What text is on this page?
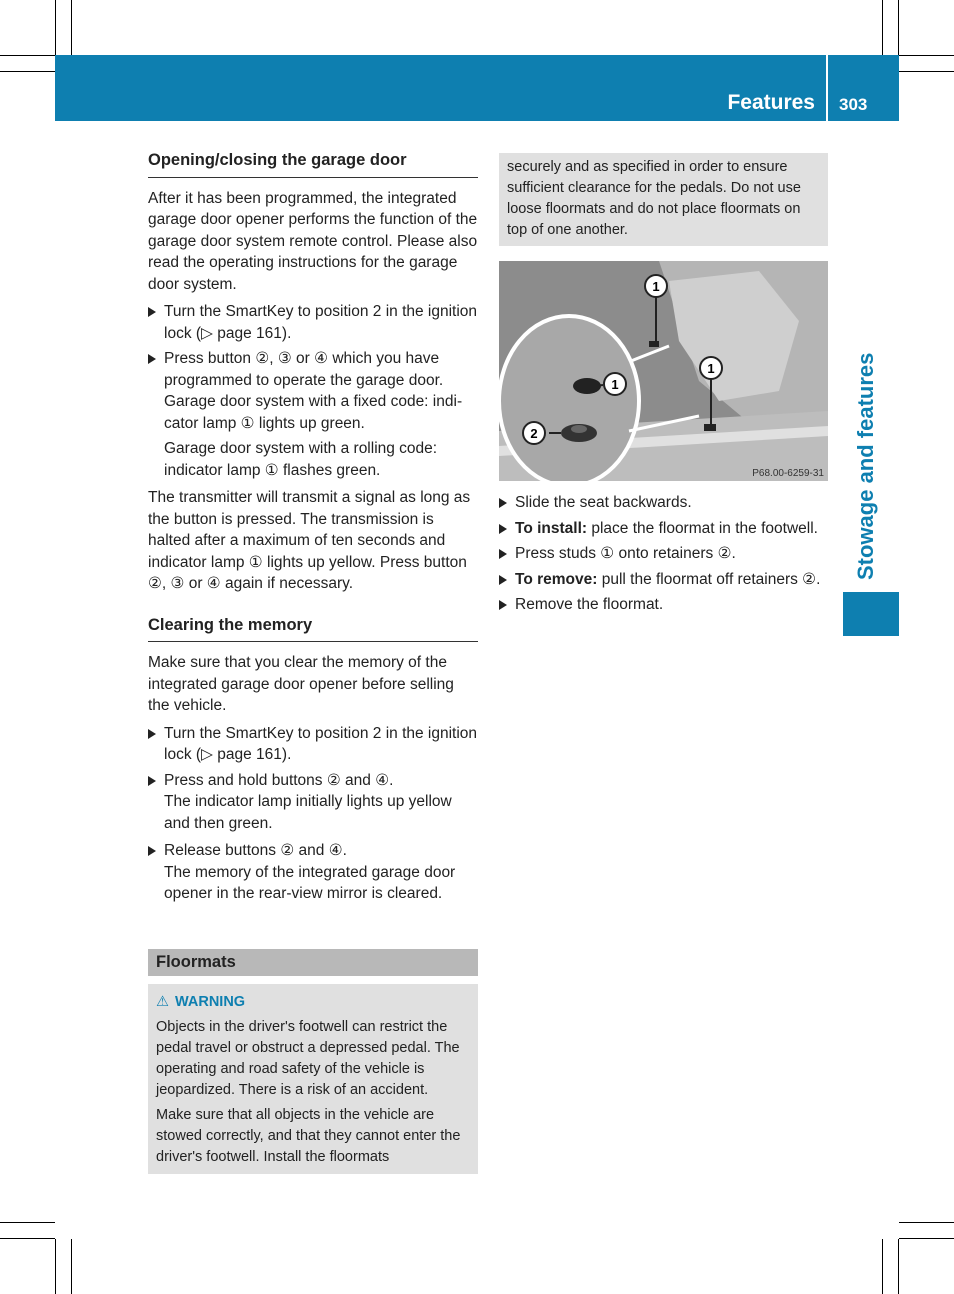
Features 303
Stowage and features
Opening/closing the garage door

After it has been programmed, the integrated garage door opener performs the function of the garage door system remote control. Please also read the operating instructions for the garage door system.

Turn the SmartKey to position 2 in the ignition lock (▷ page 161).
Press button ②, ③ or ④ which you have programmed to operate the garage door. Garage door system with a fixed code: indicator lamp ① lights up green.
Garage door system with a rolling code: indicator lamp ① flashes green.

The transmitter will transmit a signal as long as the button is pressed. The transmission is halted after a maximum of ten seconds and indicator lamp ① lights up yellow. Press button ②, ③ or ④ again if necessary.

Clearing the memory

Make sure that you clear the memory of the integrated garage door opener before selling the vehicle.

Turn the SmartKey to position 2 in the ignition lock (▷ page 161).
Press and hold buttons ② and ④.
The indicator lamp initially lights up yellow and then green.
Release buttons ② and ④.
The memory of the integrated garage door opener in the rear-view mirror is cleared.
Floormats
⚠ WARNING

Objects in the driver's footwell can restrict the pedal travel or obstruct a depressed pedal. The operating and road safety of the vehicle is jeopardized. There is a risk of an accident.

Make sure that all objects in the vehicle are stowed correctly, and that they cannot enter the driver's footwell. Install the floormats

securely and as specified in order to ensure sufficient clearance for the pedals. Do not use loose floormats and do not place floormats on top of one another.
1
1
1
2
P68.00-6259-31
Slide the seat backwards.
To install: place the floormat in the footwell.
Press studs ① onto retainers ②.
To remove: pull the floormat off retainers ②.
Remove the floormat.
